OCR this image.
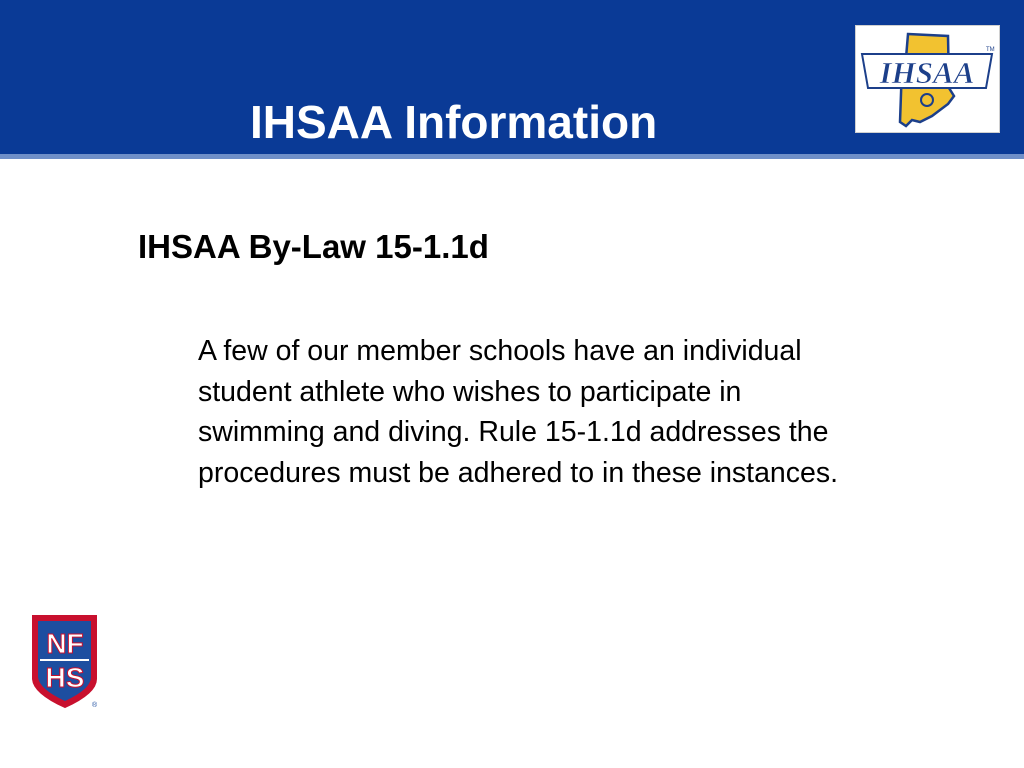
IHSAA Information
IHSAA
TM
IHSAA By-Law 15-1.1d

A few of our member schools have an individual
student athlete who wishes to participate in
swimming and diving. Rule 15-1.1d addresses the
procedures must be adhered to in these instances.

NF
HS
®
